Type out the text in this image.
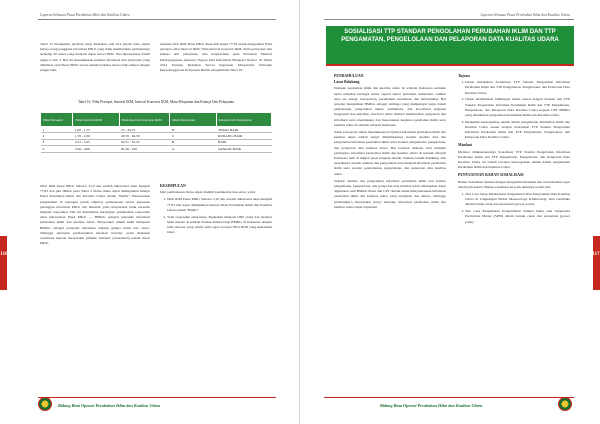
Laporan Sebuaan Pusat Perubahan Iklim dan Kualitas Udara

Tabel 15 merupakan jawaban yang diberikan oleh 614 (enam ratus empat belas) orang pengguna informasi PIKU yang tidak memberikan penilaiannya terhadap 26 unsur yang menjadi objek survei IKM. Jika dipersentase dalam angka 2 dan 3. Hal ini menunjukkan kualitas informasi dan pelayanan yang diberikan oleh Pusat PIKU secara umum berkisar antara baik sampai dengan sangat baik.

Adapun nilai IKM Pusat PIKU diperoleh angka 77,63 untuk mengetahui Nilai persepsi, nilai interval IKM, Nilai interval konversi IKM, mutu pelayanan dan kinerja unit pelayanan, kita berpedoman pada Peraturan Menteri Pendayagunaan Aparatur Negara Dan Reformasi Birokrasi Nomor 16 Tahun 2014 Tentang Pedoman Survei Kepuasan Masyarakat Terhadap Penyelenggaraan Pelayanan Publik sebagaimana Tabel 16.

Tabel 16. Nilai Persepsi, Interval IKM, Interval Konversi IKM, Mutu Pelayanan dan Kinerja Unit Pelayanan
Nilai Persepsi	Nilai Interval IKM	Nilai Interval Konversi IKM	Mutu Pelayanan	Kinerja Unit Pelayanan
1	1,00 - 1,75	25 - 43,75	D	TIDAK BAIK
2	1,76 - 2,50	43,76 - 62,50	C	KURANG BAIK
3	2,51 - 3,25	62,51 - 81,25	B	BAIK
4	3,26 - 4,00	81,26 - 100	A	SANGAT BAIK

Nilai IKM Pusat PIKU Sebesar 3,10 dan setelah dikonversi akan menjadi 77,63 dan jika dilihat pada Tabel 2 diatas maka dapat disimpulkan kinerja Pusat Perubahan Iklim dan Kualitas Udara adalah "BAIK". Berdasarkan pengalaman di lapangan (studi empiris) pelaksanaan survei kepuasan pelanggan informasi PIKU ada masalah yaitu masyarakat tidak bersedia menjadi responden. Hal ini disebabkan kurangnya pemahaman responden akan keberadaan Pusat PIKU — BMKG sebagai penyedia informasi perubahan iklim dan kualitas udara. Masyarakat umum lebih mengenal BMKG sebagai penyedia informasi tentang gempa bumi dan cuaca. Sehingga sebanyak permasalahan masalah tersebut, perlu diadakan sosialisasi kepada masyarakat (umum/ instansi/ perusahaan) terkait Pusat PIKU.

KESIMPULAN

Dari pembahasan diatas dapat diambil kesimpulan dan saran, yaitu:

1. Nilai IKM Pusat PIKU Sebesar 3,10 dan setelah dikonversi akan menjadi 77,63 dan dapat disimpulkan kinerja Pusat Perubahan Iklim dan Kualitas Udara adalah "BAIK".
2. Total responden seharusnya digunakan menjadi 1000 orang dan tersebar lebih merata di seluruh Stasiun Klimatologi BMKG di Indonesia dengan nilai sebaran yang relatif sama agar tercapai Nilai IKM yang mendekati ideal.
116
Bidang Bina Operasi Perubahan Iklim dan Kualitas Udara
Laporan Sebuaan Pusat Perubahan Iklim dan Kualitas Udara
117
Bidang Bina Operasi Perubahan Iklim dan Kualitas Udara
SOSIALISASI TTP STANDAR PENGOLAHAN PERUBAHAN IKLIM DAN TTP PENGAMATAN, PENGELOLAAN DAN PELAPORAN DATA KUALITAS UDARA
PENDAHULUAN
Latar Belakang

Dampak perubahan iklim dan kualitas udara di wilayah Indonesia semakin nyata terhadap berbagai sektor seperti sektor pertanian, kehutanan, sumber daya air, energi, transportasi, perumahan, kesehatan, dan infrastruktur. Hal tersebut menjadikan BMKG sebagai lembaga yang mempunyai tugas dalam pemantauan, pengolahan teknis, pembinaan, dan koordinasi kegiatan fungsional dan kejadian observasi harus mampu memberikan pelayanan dan informasi serta mendukung dan meneruskan kegiatan perubahan iklim serta kualitas udara di seluruh wilayah Indonesia.

Salah satu upaya untuk mendukung terciptanya informasi perubahan iklim dan kualitas udara adalah sangat dibutuhkannya standar analisis data dan pengolahan informasi perubahan iklim serta standar pengamatan, pengelolaan, dan pelaporan data kualitas udara. Hal tersebut didasari oleh semakin pentingnya informasi perubahan iklim dan kualitas udara di seluruh wilayah Indonesia baik di tingkat pusat maupun daerah. Namun, belum didukung oleh tersedianya standar analisis dan pengolahan data menjadi informasi perubahan iklim serta standar pengamatan, pengelolaan, dan pelaporan data kualitas udara.

Standar analisis dan pengolahan informasi perubahan iklim dan standar pengamatan, pengelolaan, dan pelaporan data kualitas udara diharapkan dapat digunakan oleh BMKG Pusat dan UPT daerah untuk menyelaraskan informasi perubahan iklim dan kualitas udara yang tersajikan dan akurat. Sehingga terbentuknya masyarakat (user) terhadap informasi perubahan iklim dan kualitas udara dapat terpenuhi.

Tujuan
1. Untuk melakukan Sosialisasi TTP Standar Pengolahan Informasi Perubahan Iklim dan TTP Pengamatan, Pengelolaan, dan Pelaporan Data Kualitas Udara.
2. Untuk memberikan bimbingan teknis sesuai dengan Standar dan TTP Standar Pengolahan Informasi Perubahan Iklim dan TTP Pengamatan, Pengelolaan, dan Pelaporan Data Kualitas Udara kepada UPT BMKG yang melakukan pengamatan Perubahan Iklim dan Kualitas Udara.
3. Menjamin keseragaman teknik dalam pengamatan Perubahan Iklim dan Kualitas Udara sesuai dengan Sosialisasi TTP Standar Pengolahan Informasi Perubahan Iklim dan TTP Pengamatan, Pengelolaan, dan Pelaporan Data Kualitas Udara.
Manfaat

Manfaat dilaksanakannya Sosialisasi TTP Standar Pengolahan Informasi Perubahan Iklim dan TTP Pengamatan, Pengelolaan, dan Pelaporan Data Kualitas Udara ini adalah tercapai keseragaman teknik dalam pengamatan Perubahan Iklim dan Kualitas Udara.

PENYUSUNAN BAHAN SOSIALISASI

Bahan Sosialisasi disusun dengan mengambil masukan dan saran melalui rapat dalam jam kantor. Bahan sosialisasi ini pada akhirnya terdiri dari:

1. Tata Cara Tetap Pelaksanaan Pengamatan Dan Pengolahan Data Kualitas Udara di Lingkungan Badan Meteorologi, Klimatologi, Dan Geofisika dalam bentuk cetak dan presentasi (power point).
2. Tata Cara Pengamatan Pengambilan Sampel Debu atau Suspended Particulate Matter (SPM) dalam bentuk cetak dan presentasi (power point).
